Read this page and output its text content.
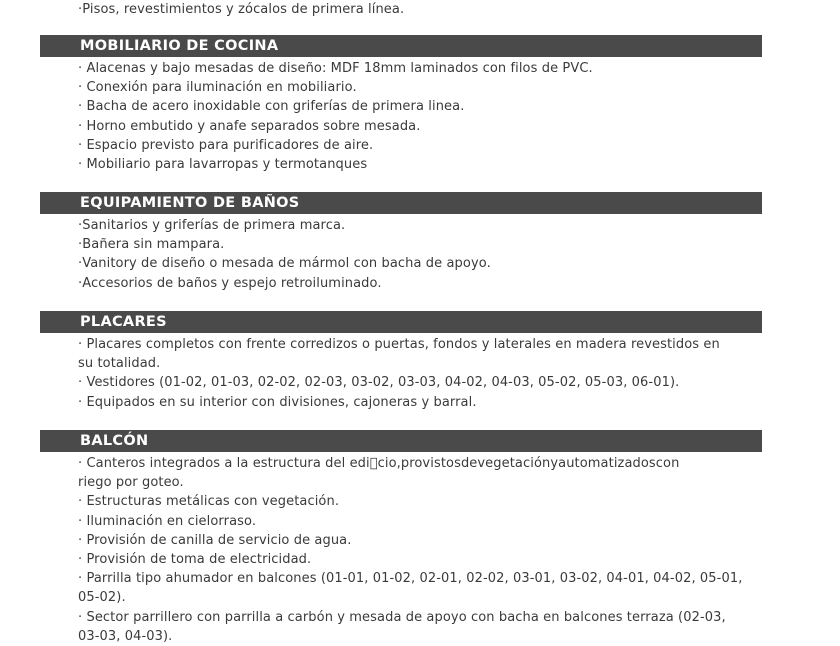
·Pisos, revestimientos y zócalos de primera línea.
MOBILIARIO DE COCINA
· Alacenas y bajo mesadas de diseño: MDF 18mm laminados con filos de PVC.
· Conexión para iluminación en mobiliario.
· Bacha de acero inoxidable con griferías de primera linea.
· Horno embutido y anafe separados sobre mesada.
· Espacio previsto para purificadores de aire.
· Mobiliario para lavarropas y termotanques
EQUIPAMIENTO DE BAÑOS
·Sanitarios y griferías de primera marca.
·Bañera sin mampara.
·Vanitory de diseño o mesada de mármol con bacha de apoyo.
·Accesorios de baños y espejo retroiluminado.
PLACARES
· Placares completos con frente corredizos o puertas, fondos y laterales en madera revestidos en
su totalidad.
· Vestidores (01-02, 01-03, 02-02, 02-03, 03-02, 03-03, 04-02, 04-03, 05-02, 05-03, 06-01).
· Equipados en su interior con divisiones, cajoneras y barral.
BALCÓN
· Canteros integrados a la estructura del edi cio,provistosdevegetaciónyautomatizadoscon
riego por goteo.
· Estructuras metálicas con vegetación.
· Iluminación en cielorraso.
· Provisión de canilla de servicio de agua.
· Provisión de toma de electricidad.
· Parrilla tipo ahumador en balcones (01-01, 01-02, 02-01, 02-02, 03-01, 03-02, 04-01, 04-02, 05-01,
05-02).
· Sector parrillero con parrilla a carbón y mesada de apoyo con bacha en balcones terraza (02-03,
03-03, 04-03).
